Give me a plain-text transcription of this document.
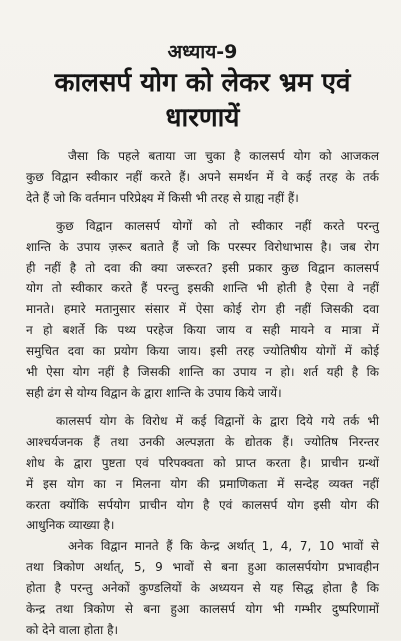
अध्याय-9
कालसर्प योग को लेकर भ्रम एवं
धारणायें
जैसा कि पहले बताया जा चुका है कालसर्प योग को आजकल
कुछ विद्वान स्वीकार नहीं करते हैं। अपने समर्थन में वे कई तरह के तर्क
देते हैं जो कि वर्तमान परिप्रेक्ष्य में किसी भी तरह से ग्राह्य नहीं हैं।
कुछ विद्वान कालसर्प योगों को तो स्वीकार नहीं करते परन्तु
शान्ति के उपाय ज़रूर बताते हैं जो कि परस्पर विरोधाभास है। जब रोग
ही नहीं है तो दवा की क्या जरूरत? इसी प्रकार कुछ विद्वान कालसर्प
योग तो स्वीकार करते हैं परन्तु इसकी शान्ति भी होती है ऐसा वे नहीं
मानते। हमारे मतानुसार संसार में ऐसा कोई रोग ही नहीं जिसकी दवा
न हो बशर्ते कि पथ्य परहेज किया जाय व सही मायने व मात्रा में
समुचित दवा का प्रयोग किया जाय। इसी तरह ज्योतिषीय योगों में कोई
भी ऐसा योग नहीं है जिसकी शान्ति का उपाय न हो। शर्त यही है कि
सही ढंग से योग्य विद्वान के द्वारा शान्ति के उपाय किये जायें।
कालसर्प योग के विरोध में कई विद्वानों के द्वारा दिये गये तर्क भी
आश्चर्यजनक हैं तथा उनकी अल्पज्ञता के द्योतक हैं। ज्योतिष निरन्तर
शोध के द्वारा पुष्टता एवं परिपक्वता को प्राप्त करता है। प्राचीन ग्रन्थों
में इस योग का न मिलना योग की प्रमाणिकता में सन्देह व्यक्त नहीं
करता क्योंकि सर्पयोग प्राचीन योग है एवं कालसर्प योग इसी योग की
आधुनिक व्याख्या है।
अनेक विद्वान मानते हैं कि केन्द्र अर्थात् 1, 4, 7, 10 भावों से
तथा त्रिकोण अर्थात्, 5, 9 भावों से बना हुआ कालसर्पयोग प्रभावहीन
होता है परन्तु अनेकों कुण्डलियों के अध्ययन से यह सिद्ध होता है कि
केन्द्र तथा त्रिकोण से बना हुआ कालसर्प योग भी गम्भीर दुष्परिणामों
को देने वाला होता है।
